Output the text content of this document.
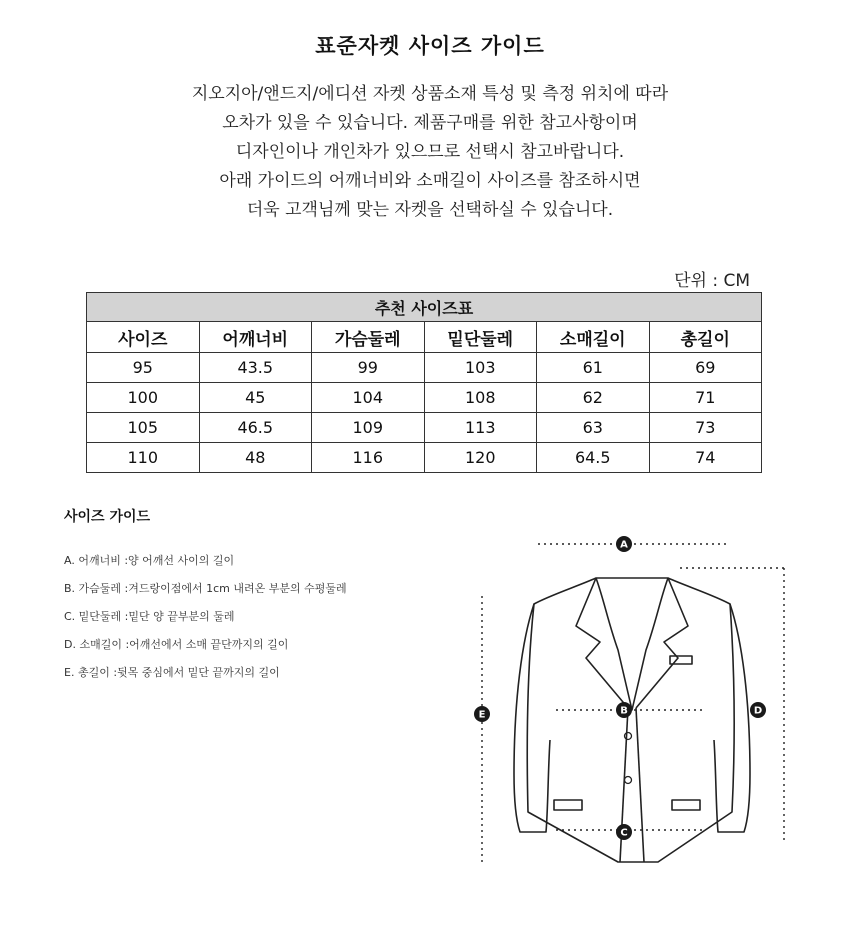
표준자켓 사이즈 가이드
지오지아/앤드지/에디션 자켓 상품소재 특성 및 측정 위치에 따라
오차가 있을 수 있습니다. 제품구매를 위한 참고사항이며
디자인이나 개인차가 있으므로 선택시 참고바랍니다.
아래 가이드의 어깨너비와 소매길이 사이즈를 참조하시면
더욱 고객님께 맞는 자켓을 선택하실 수 있습니다.
단위 : CM
추천 사이즈표					
사이즈	어깨너비	가슴둘레	밑단둘레	소매길이	총길이
95	43.5	99	103	61	69
100	45	104	108	62	71
105	46.5	109	113	63	73
110	48	116	120	64.5	74
사이즈 가이드
A. 어깨너비 :양 어깨선 사이의 길이
B. 가슴둘레 :겨드랑이점에서 1cm 내려온 부분의 수평둘레
C. 밑단둘레 :밑단 양 끝부분의 둘레
D. 소매길이 :어깨선에서 소매 끝단까지의 길이
E. 총길이 :뒷목 중심에서 밑단 끝까지의 길이
A
B
C
D
E
